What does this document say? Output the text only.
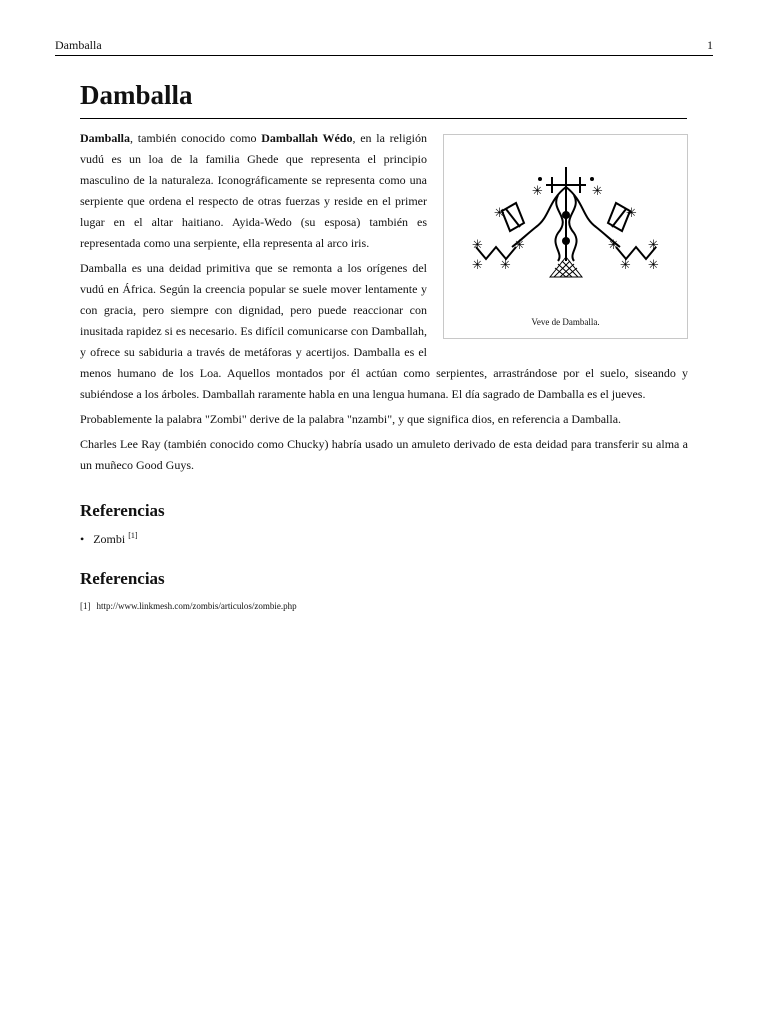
Damballa	1
Damballa
✳
✳ ✳
✳	✳
✳
✳
✳
✳	✳
✳	✳
Veve de Damballa.

Damballa, también conocido como Damballah Wédo, en la religión vudú es un loa de la familia Ghede que representa el principio masculino de la naturaleza. Iconográficamente se representa como una serpiente que ordena el respecto de otras fuerzas y reside en el primer lugar en el altar haitiano. Ayida-Wedo (su esposa) también es representada como una serpiente, ella representa al arco iris.

Damballa es una deidad primitiva que se remonta a los orígenes del vudú en África. Según la creencia popular se suele mover lentamente y con gracia, pero siempre con dignidad, pero puede reaccionar con inusitada rapidez si es necesario. Es difícil comunicarse con Damballah, y ofrece su sabiduria a través de metáforas y acertijos. Damballa es el menos humano de los Loa. Aquellos montados por él actúan como serpientes, arrastrándose por el suelo, siseando y subiéndose a los árboles. Damballah raramente habla en una lengua humana. El día sagrado de Damballa es el jueves.

Probablemente la palabra "Zombi" derive de la palabra "nzambi", y que significa dios, en referencia a Damballa.

Charles Lee Ray (también conocido como Chucky) habría usado un amuleto derivado de esta deidad para transferir su alma a un muñeco Good Guys.

Referencias
• Zombi [1]
Referencias
[1] http://www.linkmesh.com/zombis/articulos/zombie.php
